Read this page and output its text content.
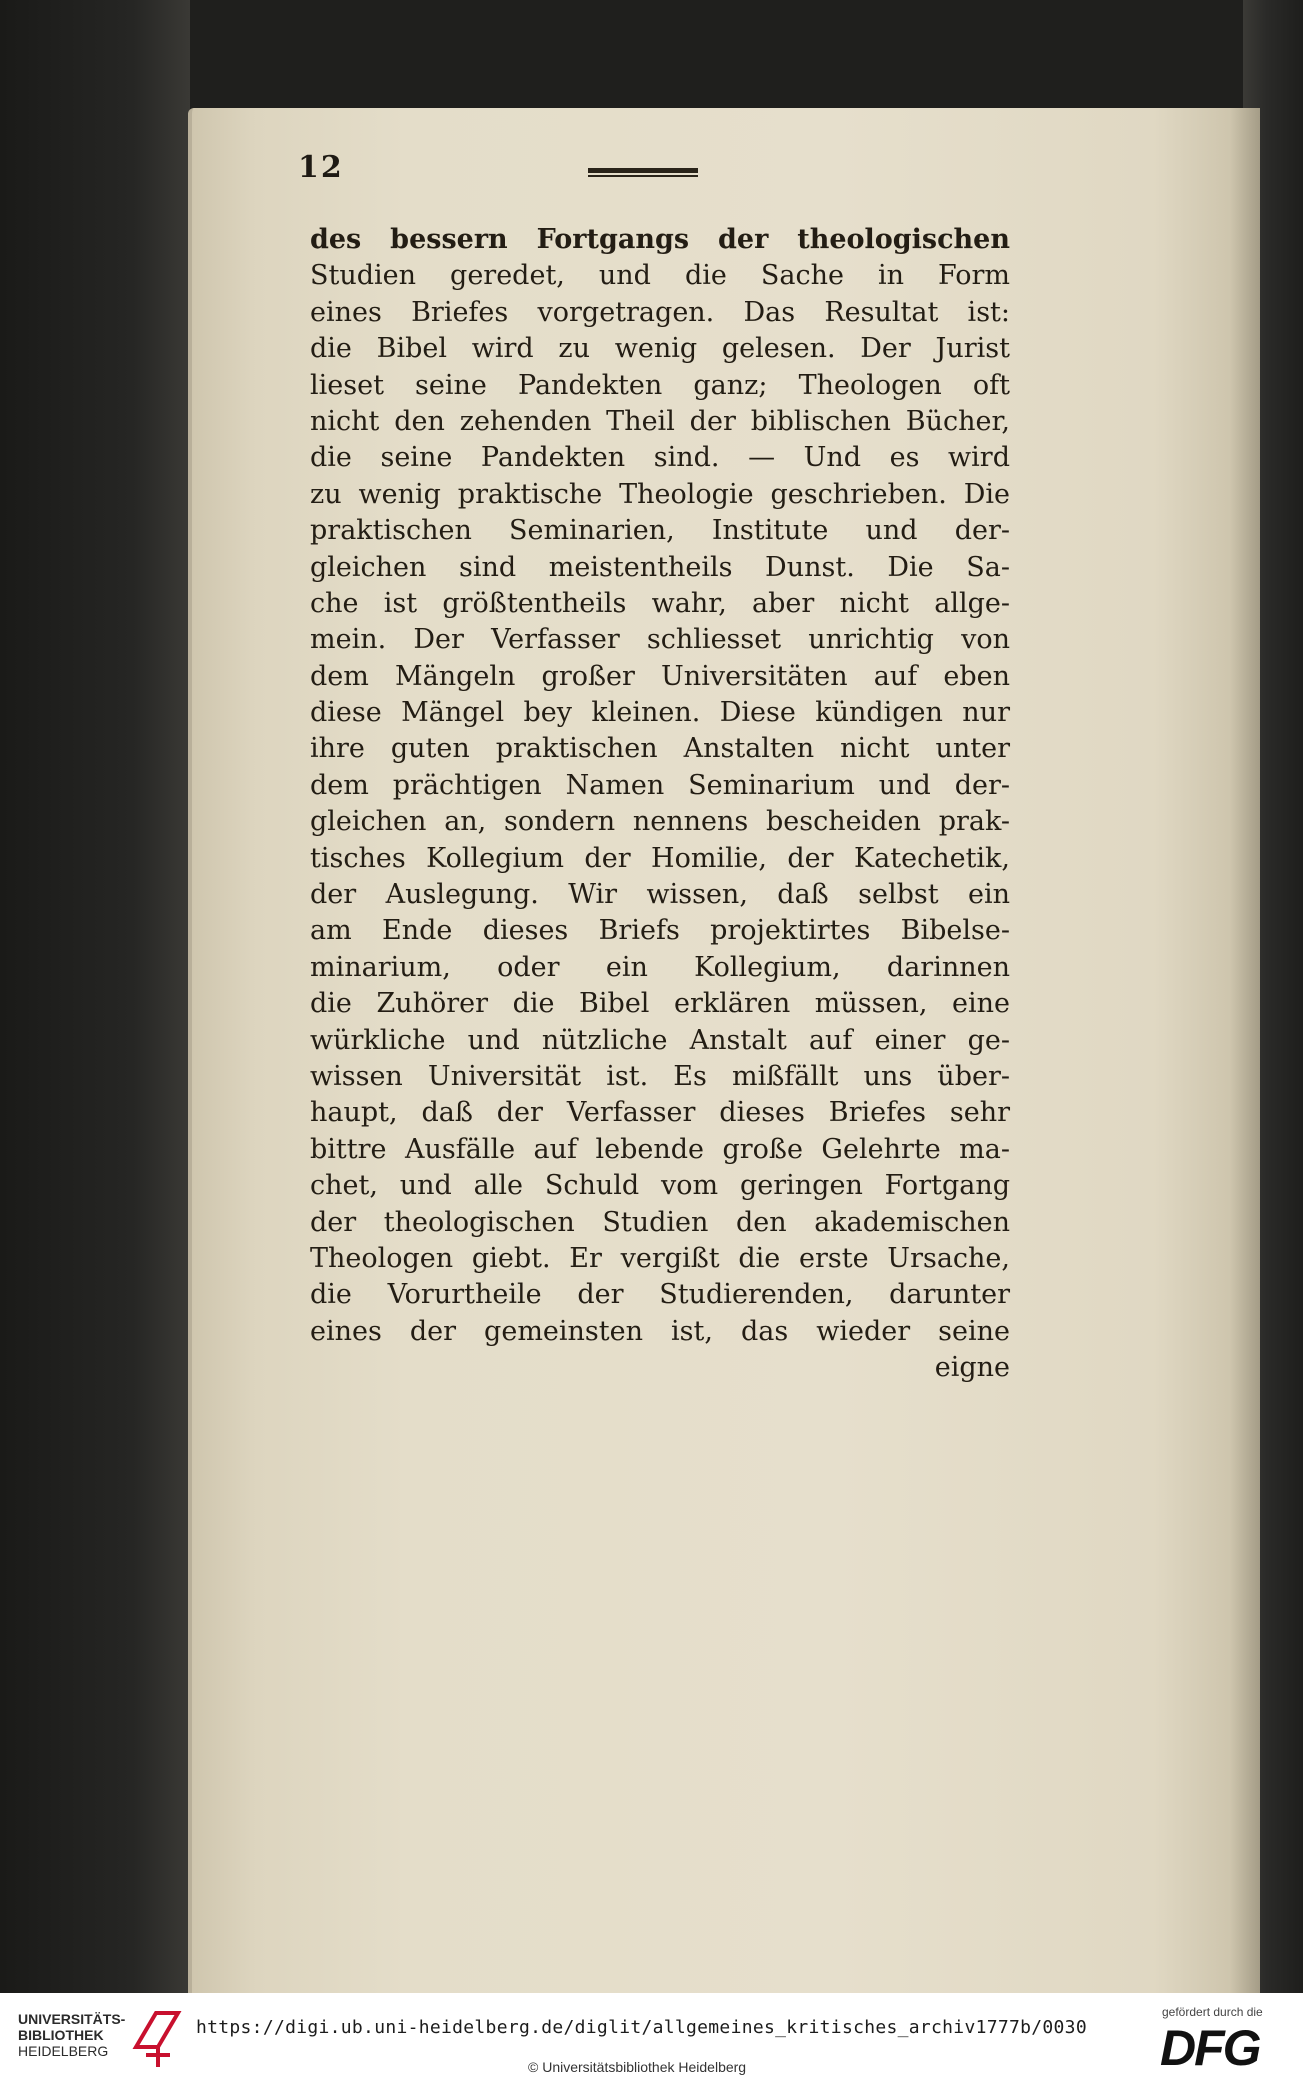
12
des bessern Fortgangs der theologischen
Studien geredet, und die Sache in Form
eines Briefes vorgetragen. Das Resultat ist:
die Bibel wird zu wenig gelesen. Der Jurist
lieset seine Pandekten ganz; Theologen oft
nicht den zehenden Theil der biblischen Bücher,
die seine Pandekten sind. — Und es wird
zu wenig praktische Theologie geschrieben. Die
praktischen Seminarien, Institute und der-
gleichen sind meistentheils Dunst. Die Sa-
che ist größtentheils wahr, aber nicht allge-
mein. Der Verfasser schliesset unrichtig von
dem Mängeln großer Universitäten auf eben
diese Mängel bey kleinen. Diese kündigen nur
ihre guten praktischen Anstalten nicht unter
dem prächtigen Namen Seminarium und der-
gleichen an, sondern nennens bescheiden prak-
tisches Kollegium der Homilie, der Katechetik,
der Auslegung. Wir wissen, daß selbst ein
am Ende dieses Briefs projektirtes Bibelse-
minarium, oder ein Kollegium, darinnen
die Zuhörer die Bibel erklären müssen, eine
würkliche und nützliche Anstalt auf einer ge-
wissen Universität ist. Es mißfällt uns über-
haupt, daß der Verfasser dieses Briefes sehr
bittre Ausfälle auf lebende große Gelehrte ma-
chet, und alle Schuld vom geringen Fortgang
der theologischen Studien den akademischen
Theologen giebt. Er vergißt die erste Ursache,
die Vorurtheile der Studierenden, darunter
eines der gemeinsten ist, das wieder seine
eigne
UNIVERSITÄTS-
BIBLIOTHEK
HEIDELBERG
https://digi.ub.uni-heidelberg.de/diglit/allgemeines_kritisches_archiv1777b/0030
© Universitätsbibliothek Heidelberg
gefördert durch die
DFG
